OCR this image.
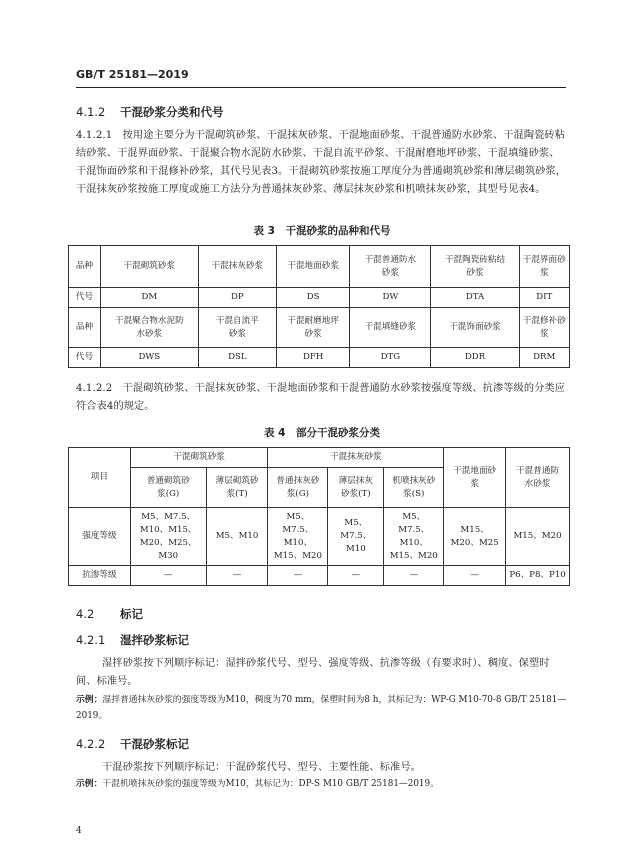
GB/T 25181—2019
4.1.2 干混砂浆分类和代号
4.1.2.1　按用途主要分为干混砌筑砂浆、干混抹灰砂浆、干混地面砂浆、干混普通防水砂浆、干混陶瓷砖粘结砂浆、干混界面砂浆、干混聚合物水泥防水砂浆、干混自流平砂浆、干混耐磨地坪砂浆、干混填缝砂浆、干混饰面砂浆和干混修补砂浆，其代号见表3。干混砌筑砂浆按施工厚度分为普通砌筑砂浆和薄层砌筑砂浆，干混抹灰砂浆按施工厚度或施工方法分为普通抹灰砂浆、薄层抹灰砂浆和机喷抹灰砂浆，其型号见表4。
表 3　干混砂浆的品种和代号
品种	干混砌筑砂浆	干混抹灰砂浆	干混地面砂浆	干混普通防水砂浆	干混陶瓷砖粘结砂浆	干混界面砂浆
代号	DM	DP	DS	DW	DTA	DIT
品种	干混聚合物水泥防水砂浆	干混自流平砂浆	干混耐磨地坪砂浆	干混填缝砂浆	干混饰面砂浆	干混修补砂浆
代号	DWS	DSL	DFH	DTG	DDR	DRM
4.1.2.2　干混砌筑砂浆、干混抹灰砂浆、干混地面砂浆和干混普通防水砂浆按强度等级、抗渗等级的分类应符合表4的规定。
表 4　部分干混砂浆分类
项目	干混砌筑砂浆		干混抹灰砂浆			干混地面砂浆	干混普通防水砂浆
	普通砌筑砂浆(G)	薄层砌筑砂浆(T)	普通抹灰砂浆(G)	薄层抹灰砂浆(T)	机喷抹灰砂浆(S)		
强度等级	M5、M7.5、M10、M15、M20、M25、M30	M5、M10	M5、M7.5、M10、M15、M20	M5、M7.5、M10	M5、M7.5、M10、M15、M20	M15、M20、M25	M15、M20
抗渗等级	—	—	—	—	—	—	P6、P8、P10
4.2 标记
4.2.1 湿拌砂浆标记
湿拌砂浆按下列顺序标记：湿拌砂浆代号、型号、强度等级、抗渗等级（有要求时）、稠度、保塑时间、标准号。
示例：湿拌普通抹灰砂浆的强度等级为M10，稠度为70 mm，保塑时间为8 h，其标记为：WP-G M10-70-8 GB/T 25181—2019。
4.2.2 干混砂浆标记
干混砂浆按下列顺序标记：干混砂浆代号、型号、主要性能、标准号。
示例：干混机喷抹灰砂浆的强度等级为M10，其标记为：DP-S M10 GB/T 25181—2019。
4
